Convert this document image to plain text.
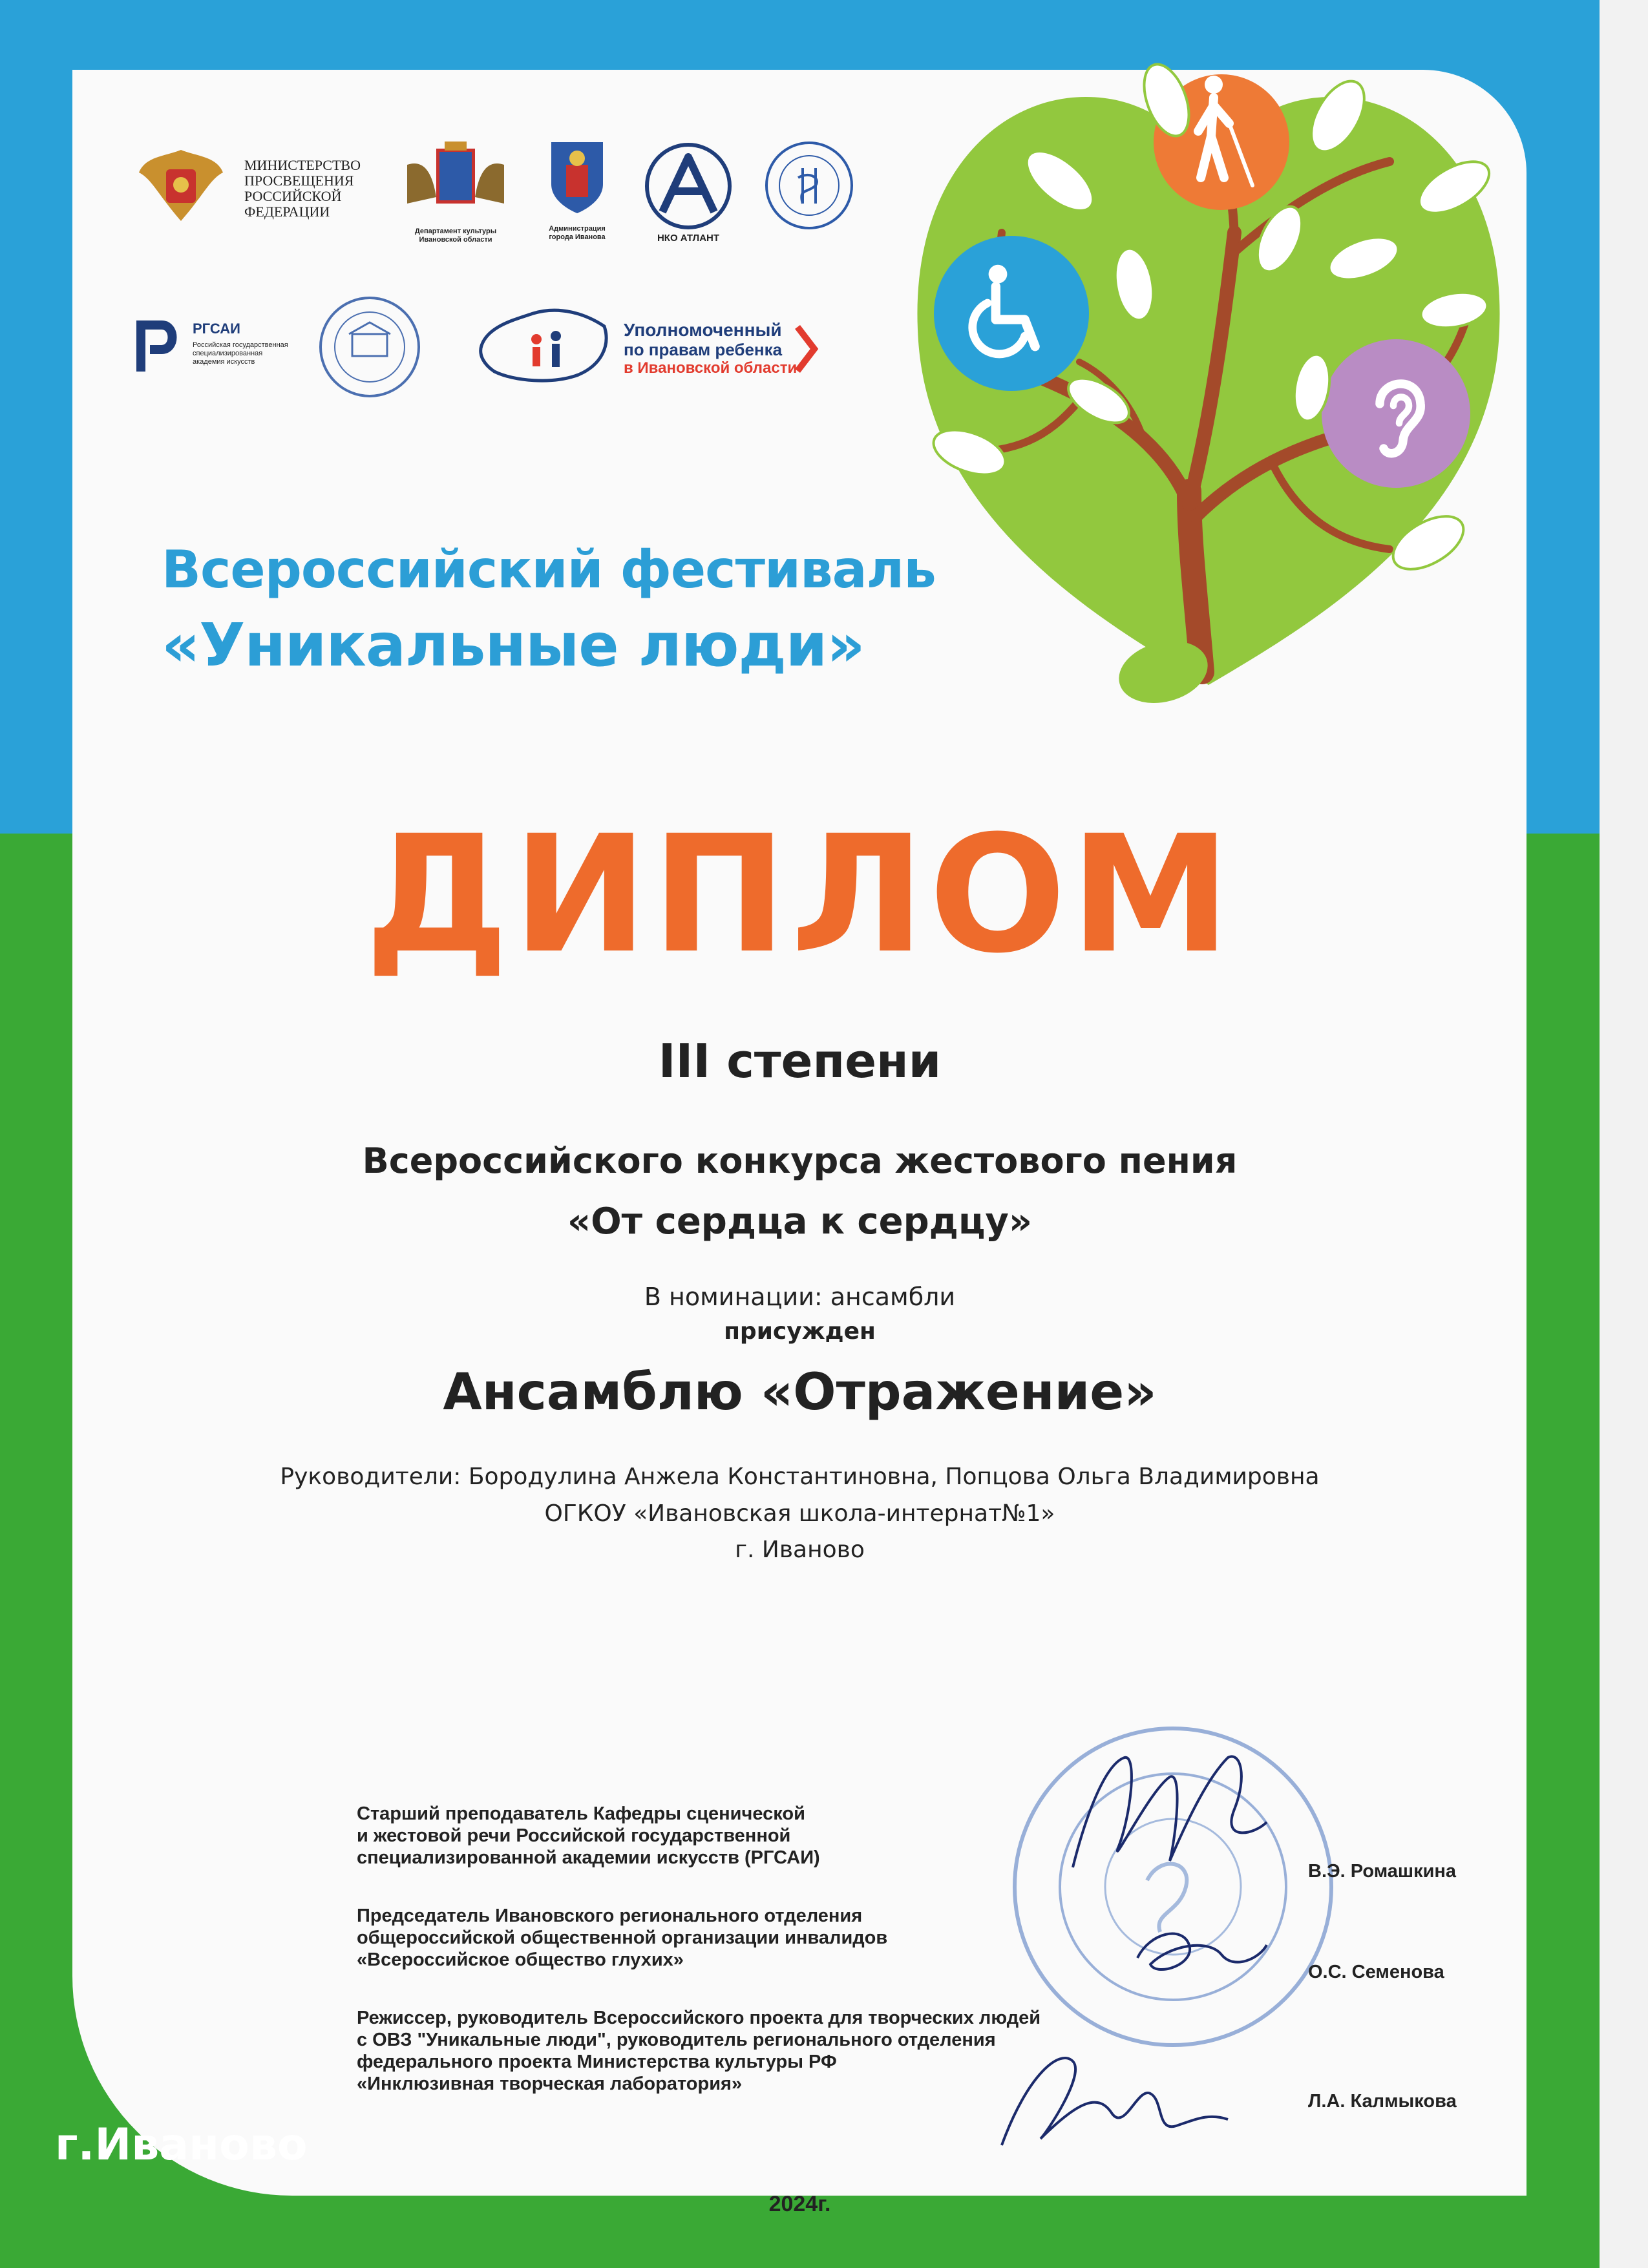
МИНИСТЕРСТВО ПРОСВЕЩЕНИЯ РОССИЙСКОЙ ФЕДЕРАЦИИ
Департамент культуры Ивановской области
Администрация города Иванова	НКО АТЛАНТ
РГСАИ
Российская государственная специализированная академия искусств
Уполномоченный
по правам ребенка
в Ивановской области
Всероссийский фестиваль
«Уникальные люди»
ДИПЛОМ
III степени
Всероссийского конкурса жестового пения
«От сердца к сердцу»
В номинации: ансамбли
присужден
Ансамблю «Отражение»
Руководители: Бородулина Анжела Константиновна, Попцова Ольга Владимировна
ОГКОУ «Ивановская школа-интернат№1»
г. Иваново
Старший преподаватель Кафедры сценической
и жестовой речи Российской государственной
специализированной академии искусств (РГСАИ)
В.Э. Ромашкина
Председатель Ивановского регионального отделения
общероссийской общественной организации инвалидов
«Всероссийское общество глухих»
О.С. Семенова
Режиссер, руководитель Всероссийского проекта для творческих людей
с ОВЗ "Уникальные люди", руководитель регионального отделения
федерального проекта Министерства культуры РФ
«Инклюзивная творческая лаборатория»
Л.А. Калмыкова
г.Иваново
2024г.
